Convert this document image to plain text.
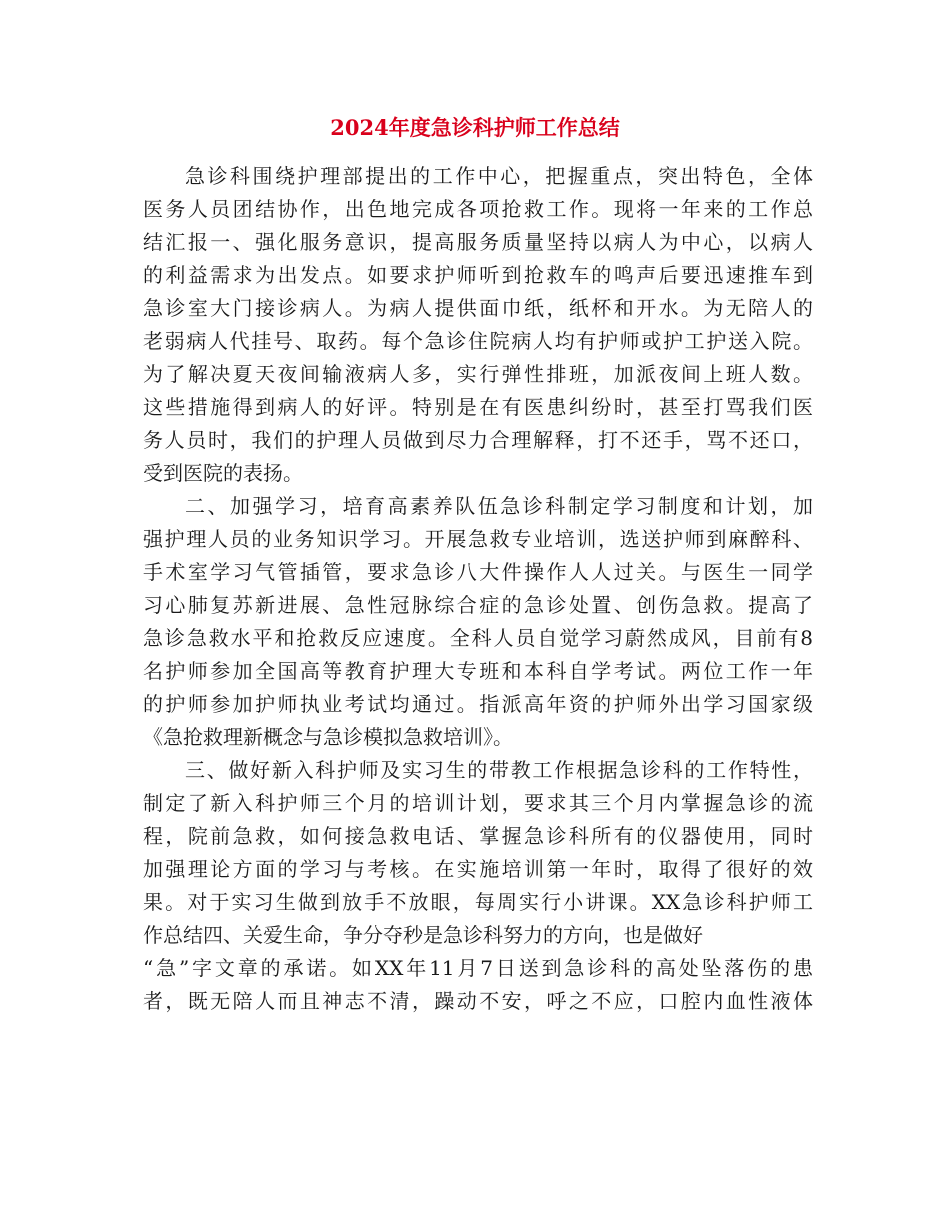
2024年度急诊科护师工作总结
急诊科围绕护理部提出的工作中心，把握重点，突出特色，全体
医务人员团结协作，出色地完成各项抢救工作。现将一年来的工作总
结汇报一、强化服务意识，提高服务质量坚持以病人为中心，以病人
的利益需求为出发点。如要求护师听到抢救车的鸣声后要迅速推车到
急诊室大门接诊病人。为病人提供面巾纸，纸杯和开水。为无陪人的
老弱病人代挂号、取药。每个急诊住院病人均有护师或护工护送入院。
为了解决夏天夜间输液病人多，实行弹性排班，加派夜间上班人数。
这些措施得到病人的好评。特别是在有医患纠纷时，甚至打骂我们医
务人员时，我们的护理人员做到尽力合理解释，打不还手，骂不还口，
受到医院的表扬。
二、加强学习，培育高素养队伍急诊科制定学习制度和计划，加
强护理人员的业务知识学习。开展急救专业培训，选送护师到麻醉科、
手术室学习气管插管，要求急诊八大件操作人人过关。与医生一同学
习心肺复苏新进展、急性冠脉综合症的急诊处置、创伤急救。提高了
急诊急救水平和抢救反应速度。全科人员自觉学习蔚然成风，目前有8
名护师参加全国高等教育护理大专班和本科自学考试。两位工作一年
的护师参加护师执业考试均通过。指派高年资的护师外出学习国家级
《急抢救理新概念与急诊模拟急救培训》。
三、做好新入科护师及实习生的带教工作根据急诊科的工作特性，
制定了新入科护师三个月的培训计划，要求其三个月内掌握急诊的流
程，院前急救，如何接急救电话、掌握急诊科所有的仪器使用，同时
加强理论方面的学习与考核。在实施培训第一年时，取得了很好的效
果。对于实习生做到放手不放眼，每周实行小讲课。XX急诊科护师工
作总结四、关爱生命，争分夺秒是急诊科努力的方向，也是做好
“急”字文章的承诺。如XX年11月7日送到急诊科的高处坠落伤的患
者，既无陪人而且神志不清，躁动不安，呼之不应，口腔内血性液体
